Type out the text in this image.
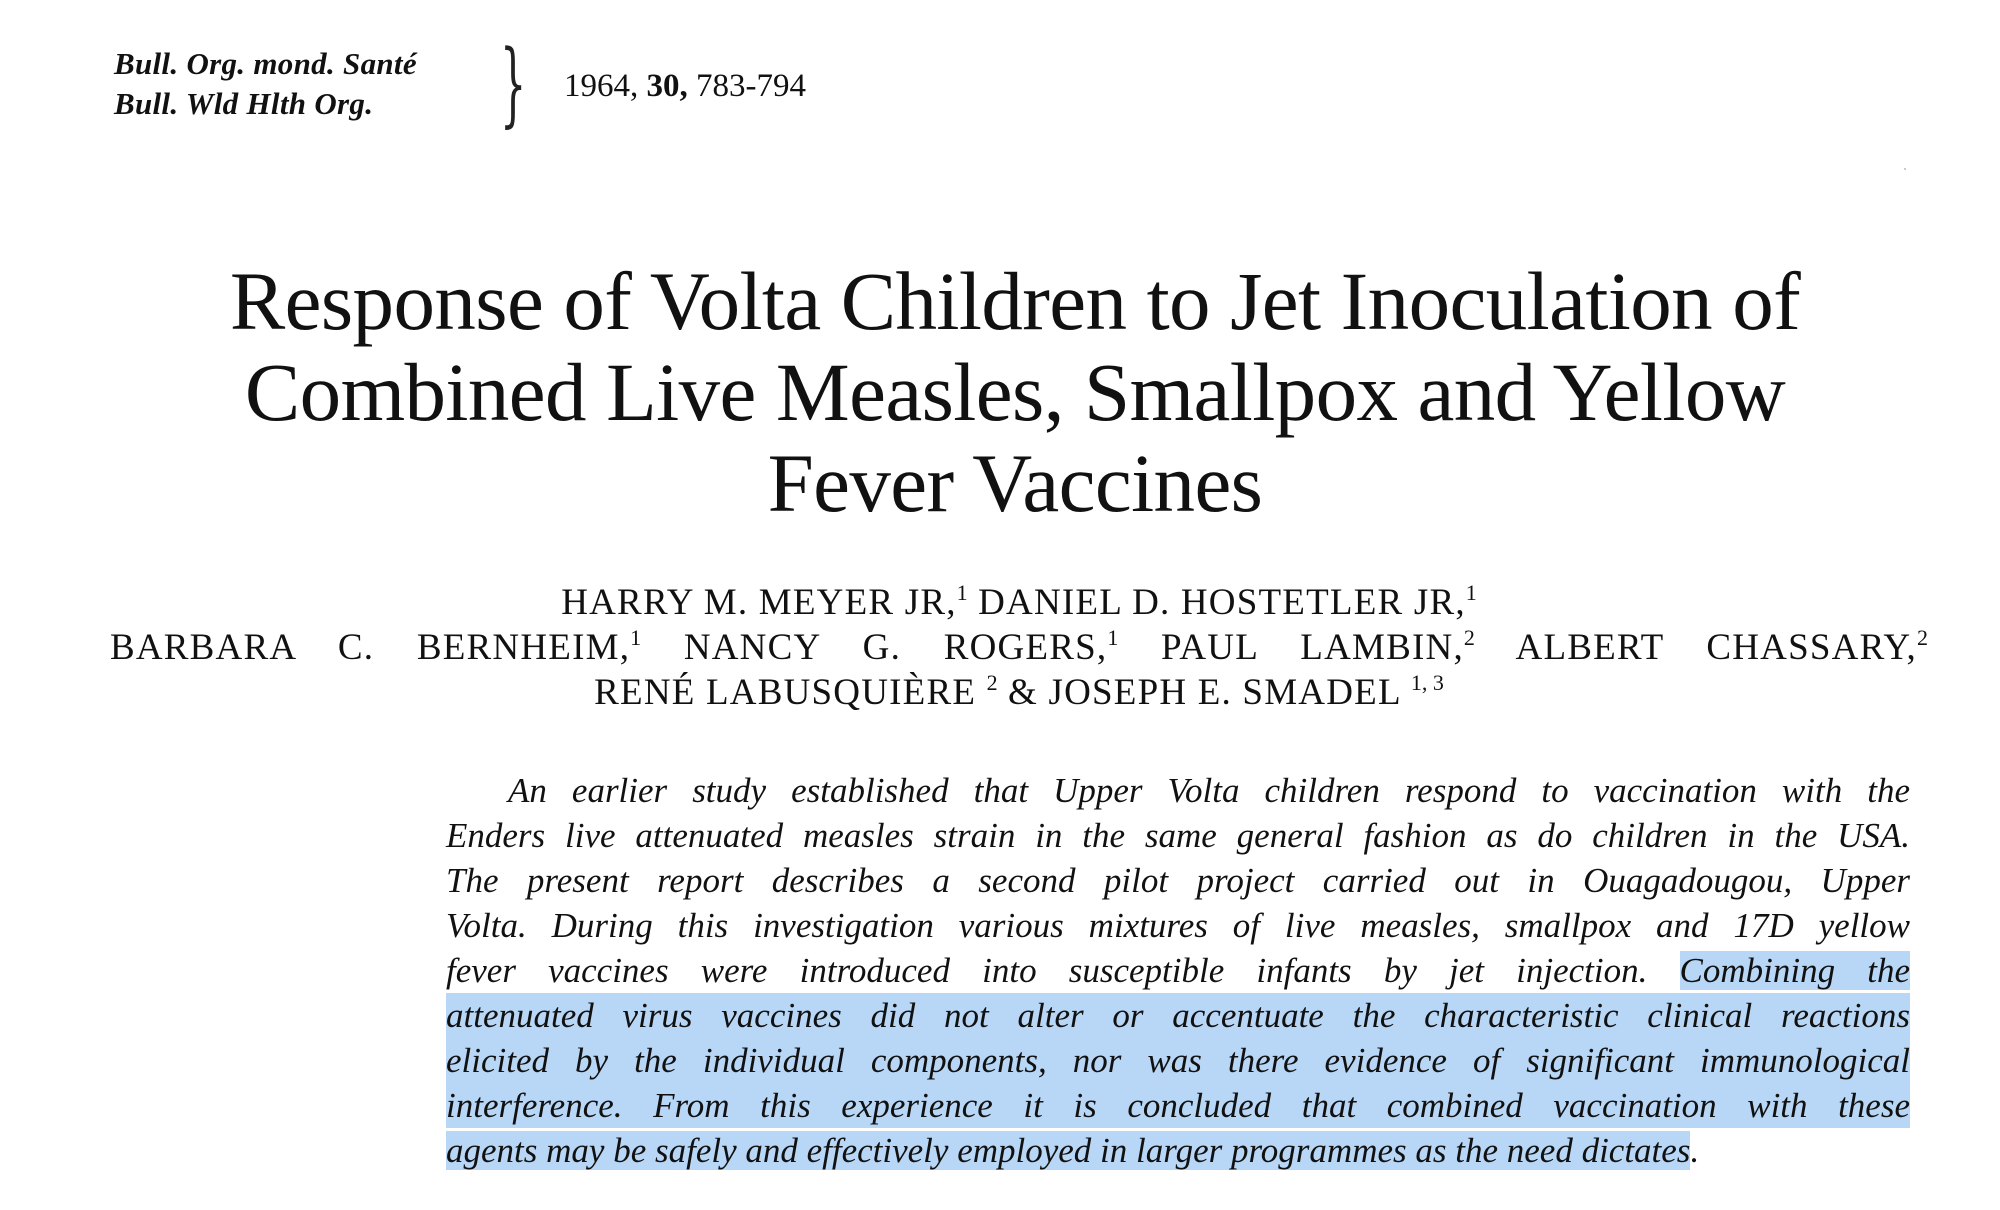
Bull. Org. mond. Santé
Bull. Wld Hlth Org.	} 1964, 30, 783-794
Response of Volta Children to Jet Inoculation of
Combined Live Measles, Smallpox and Yellow
Fever Vaccines
HARRY M. MEYER JR,$^1$ DANIEL D. HOSTETLER JR,$^1$
BARBARA C. BERNHEIM,$^1$ NANCY G. ROGERS,$^1$ PAUL LAMBIN,$^2$ ALBERT CHASSARY,$^2$
RENÉ LABUSQUIÈRE $^2$ & JOSEPH E. SMADEL $^{1, 3}$
An earlier study established that Upper Volta children respond to vaccination with the
Enders live attenuated measles strain in the same general fashion as do children in the USA.
The present report describes a second pilot project carried out in Ouagadougou, Upper
Volta. During this investigation various mixtures of live measles, smallpox and 17D yellow
fever vaccines were introduced into susceptible infants by jet injection. Combining the
attenuated virus vaccines did not alter or accentuate the characteristic clinical reactions
elicited by the individual components, nor was there evidence of significant immunological
interference. From this experience it is concluded that combined vaccination with these
agents may be safely and effectively employed in larger programmes as the need dictates.
